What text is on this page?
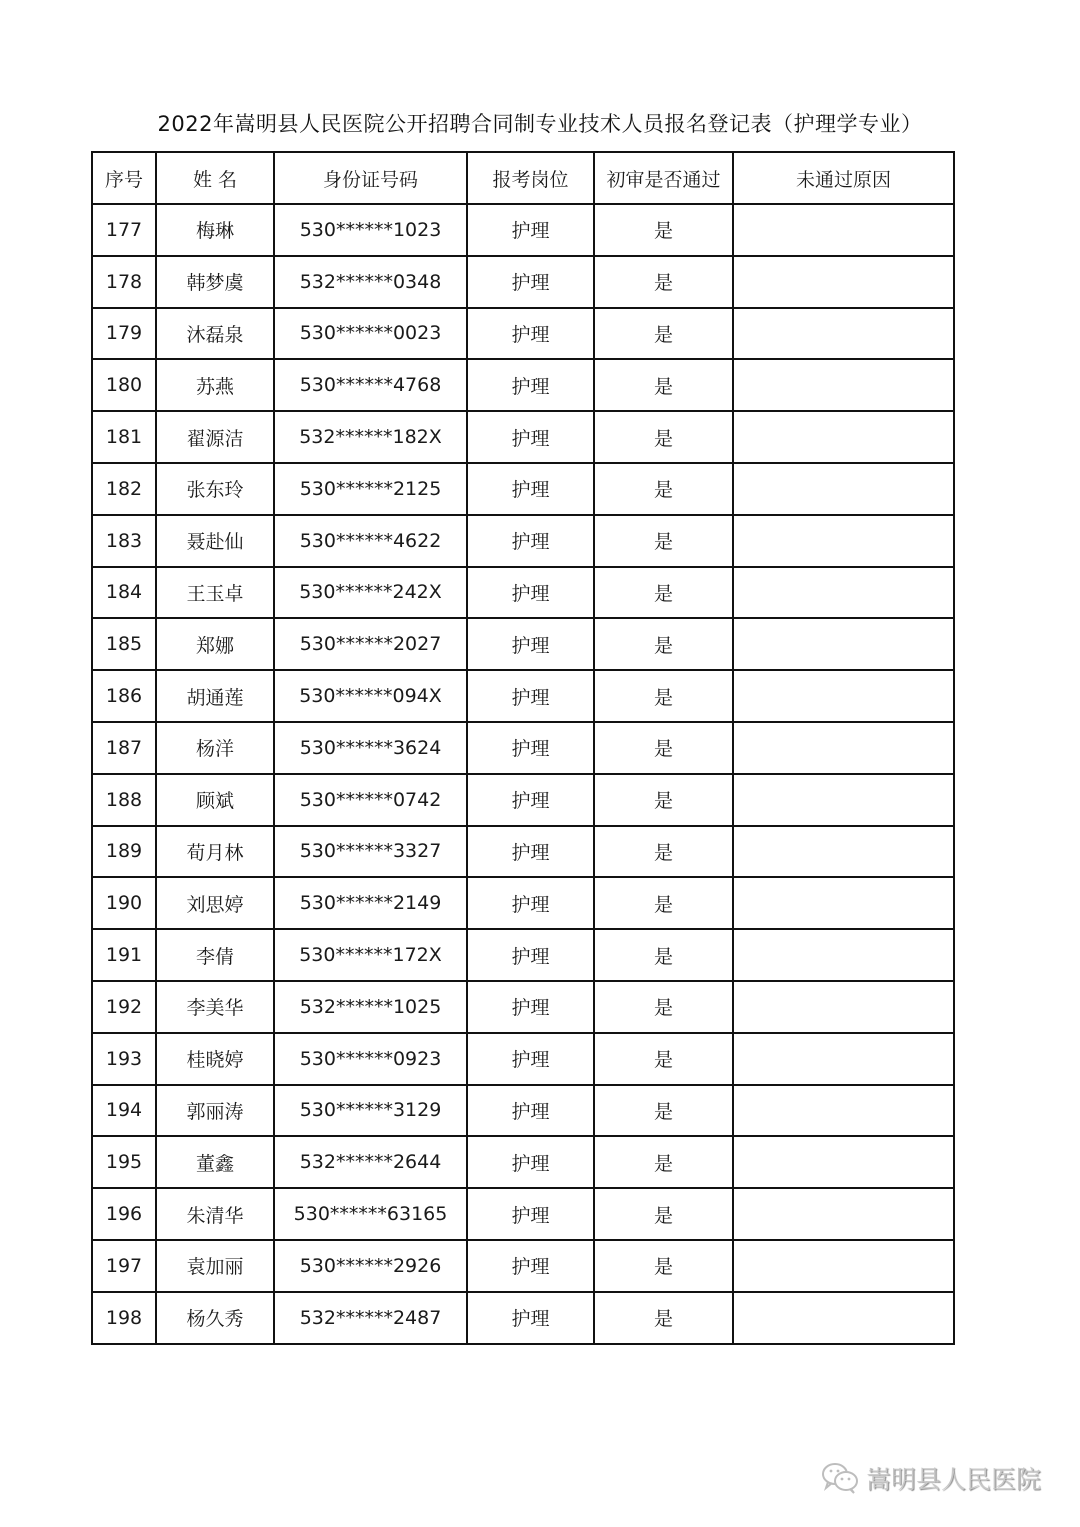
2022年嵩明县人民医院公开招聘合同制专业技术人员报名登记表（护理学专业）
序号	姓 名	身份证号码	报考岗位	初审是否通过	未通过原因
177	梅琳	530******1023	护理	是	
178	韩梦虞	532******0348	护理	是	
179	沐磊泉	530******0023	护理	是	
180	苏燕	530******4768	护理	是	
181	翟源洁	532******182X	护理	是	
182	张东玲	530******2125	护理	是	
183	聂赴仙	530******4622	护理	是	
184	王玉卓	530******242X	护理	是	
185	郑娜	530******2027	护理	是	
186	胡通莲	530******094X	护理	是	
187	杨洋	530******3624	护理	是	
188	顾斌	530******0742	护理	是	
189	荀月林	530******3327	护理	是	
190	刘思婷	530******2149	护理	是	
191	李倩	530******172X	护理	是	
192	李美华	532******1025	护理	是	
193	桂晓婷	530******0923	护理	是	
194	郭丽涛	530******3129	护理	是	
195	董鑫	532******2644	护理	是	
196	朱清华	530******63165	护理	是	
197	袁加丽	530******2926	护理	是	
198	杨久秀	532******2487	护理	是	
嵩明县人民医院
